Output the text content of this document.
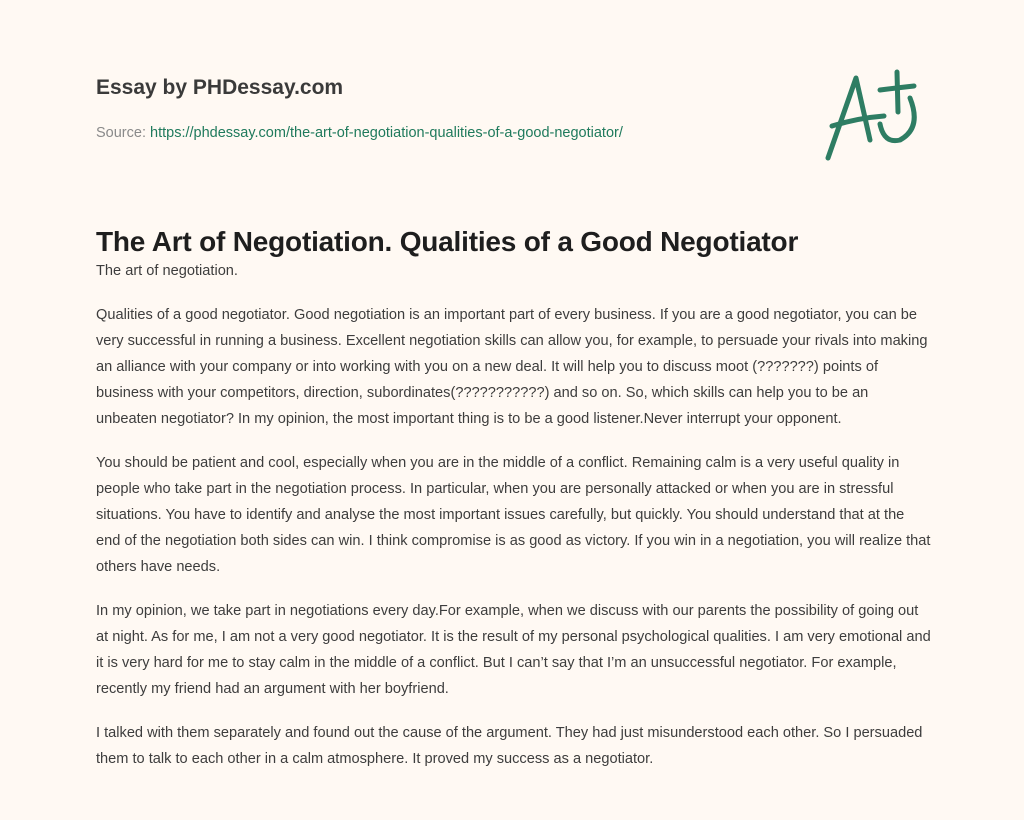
Essay by PHDessay.com
Source: https://phdessay.com/the-art-of-negotiation-qualities-of-a-good-negotiator/
The Art of Negotiation. Qualities of a Good Negotiator

The art of negotiation.

Qualities of a good negotiator. Good negotiation is an important part of every business. If you are a good negotiator, you can be very successful in running a business. Excellent negotiation skills can allow you, for example, to persuade your rivals into making an alliance with your company or into working with you on a new deal. It will help you to discuss moot (???????) points of business with your competitors, direction, subordinates(???????????) and so on. So, which skills can help you to be an unbeaten negotiator? In my opinion, the most important thing is to be a good listener.Never interrupt your opponent.

You should be patient and cool, especially when you are in the middle of a conflict. Remaining calm is a very useful quality in people who take part in the negotiation process. In particular, when you are personally attacked or when you are in stressful situations. You have to identify and analyse the most important issues carefully, but quickly. You should understand that at the end of the negotiation both sides can win. I think compromise is as good as victory. If you win in a negotiation, you will realize that others have needs.

In my opinion, we take part in negotiations every day.For example, when we discuss with our parents the possibility of going out at night. As for me, I am not a very good negotiator. It is the result of my personal psychological qualities. I am very emotional and it is very hard for me to stay calm in the middle of a conflict. But I can’t say that I’m an unsuccessful negotiator. For example, recently my friend had an argument with her boyfriend.

I talked with them separately and found out the cause of the argument. They had just misunderstood each other. So I persuaded them to talk to each other in a calm atmosphere. It proved my success as a negotiator.
